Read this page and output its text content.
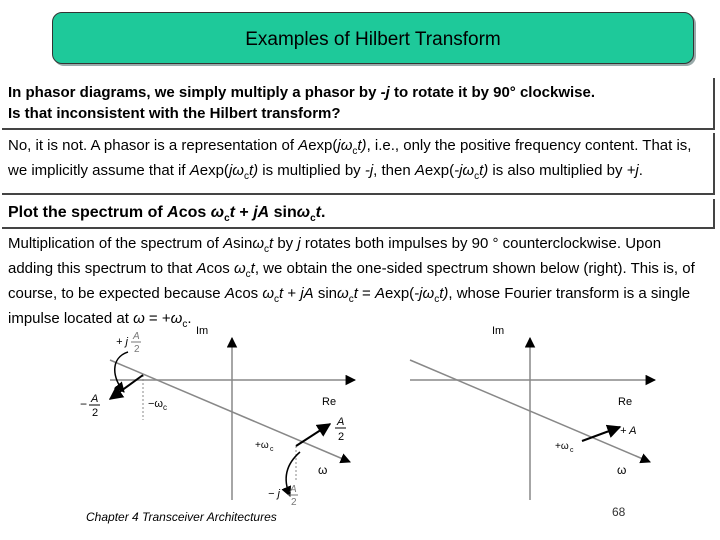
Examples of Hilbert Transform
In phasor diagrams, we simply multiply a phasor by -j to rotate it by 90° clockwise.
Is that inconsistent with the Hilbert transform?
No, it is not. A phasor is a representation of $Aexp(j\omega_ct)$, i.e., only the positive frequency content. That is, we implicitly assume that if $Aexp(j\omega_ct)$ is multiplied by -j, then $Aexp(-j\omega_ct)$ is also multiplied by +j.
Plot the spectrum of Acos $\omega_ct$ + jA sinω$_c$t.
Multiplication of the spectrum of Asinω$_c$t by j rotates both impulses by 90 ° counterclockwise. Upon adding this spectrum to that Acos $\omega_ct$, we obtain the one-sided spectrum shown below (right). This is, of course, to be expected because Acos $\omega_ct$ + jA $\sin\omega_ct = Aexp(-j\omega_ct)$, whose Fourier transform is a single impulse located at $\omega = +\omega_c$.
Im
Re
ω
+ j A
2
− A
2
−ω c
A
2
+ω c
− j A
2
Im
Re
ω
+ A
+ω c
Chapter 4 Transceiver Architectures	68
